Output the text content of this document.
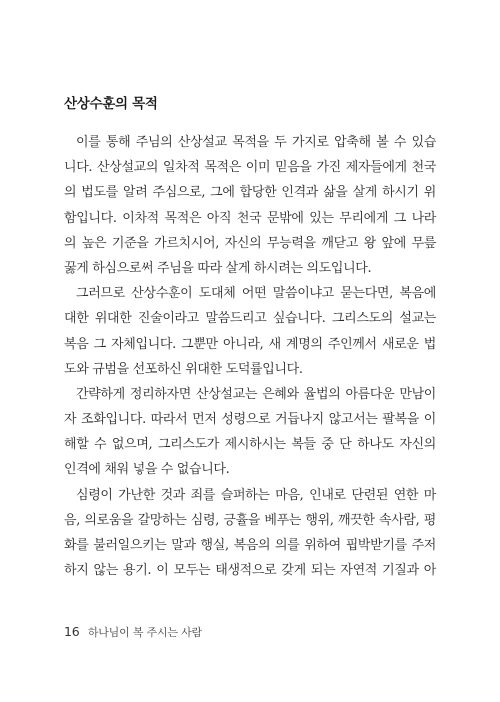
산상수훈의 목적
이를 통해 주님의 산상설교 목적을 두 가지로 압축해 볼 수 있습
니다. 산상설교의 일차적 목적은 이미 믿음을 가진 제자들에게 천국
의 법도를 알려 주심으로, 그에 합당한 인격과 삶을 살게 하시기 위
함입니다. 이차적 목적은 아직 천국 문밖에 있는 무리에게 그 나라
의 높은 기준을 가르치시어, 자신의 무능력을 깨닫고 왕 앞에 무릎
꿇게 하심으로써 주님을 따라 살게 하시려는 의도입니다.
그러므로 산상수훈이 도대체 어떤 말씀이냐고 묻는다면, 복음에
대한 위대한 진술이라고 말씀드리고 싶습니다. 그리스도의 설교는
복음 그 자체입니다. 그뿐만 아니라, 새 계명의 주인께서 새로운 법
도와 규범을 선포하신 위대한 도덕률입니다.
간략하게 정리하자면 산상설교는 은혜와 율법의 아름다운 만남이
자 조화입니다. 따라서 먼저 성령으로 거듭나지 않고서는 팔복을 이
해할 수 없으며, 그리스도가 제시하시는 복들 중 단 하나도 자신의
인격에 채워 넣을 수 없습니다.
심령이 가난한 것과 죄를 슬퍼하는 마음, 인내로 단련된 연한 마
음, 의로움을 갈망하는 심령, 긍휼을 베푸는 행위, 깨끗한 속사람, 평
화를 불러일으키는 말과 행실, 복음의 의를 위하여 핍박받기를 주저
하지 않는 용기. 이 모두는 태생적으로 갖게 되는 자연적 기질과 아
16 하나님이 복 주시는 사람
